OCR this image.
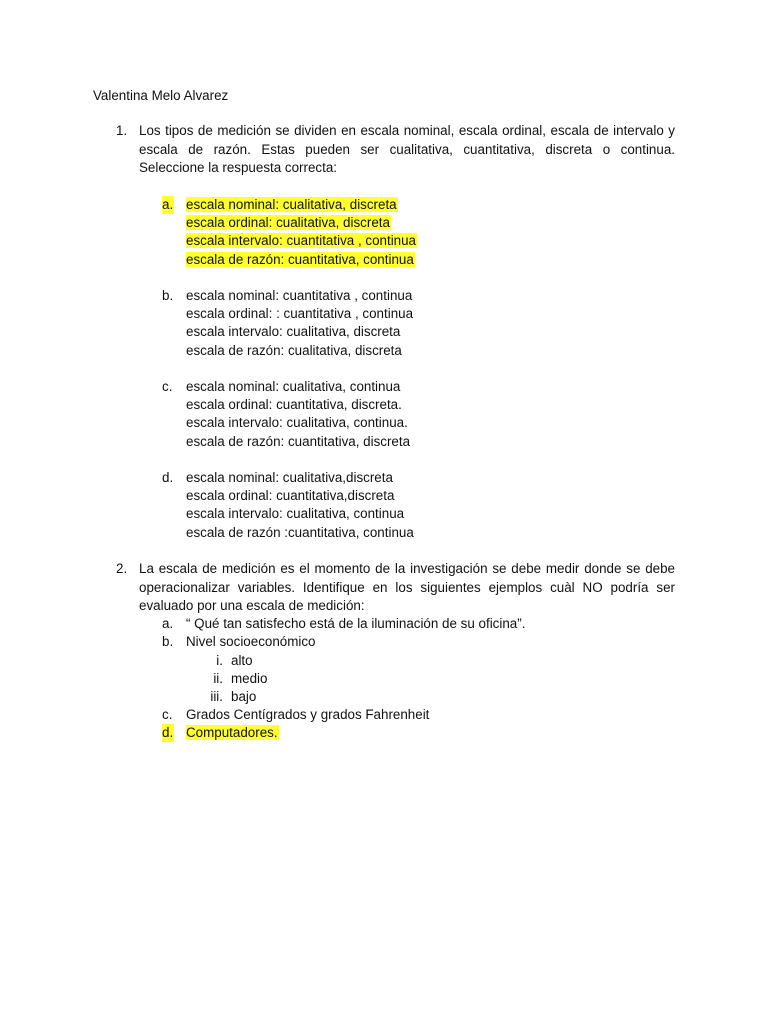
Valentina Melo Alvarez
1. Los tipos de medición se dividen en escala nominal, escala ordinal, escala de intervalo y escala de razón. Estas pueden ser cualitativa, cuantitativa, discreta o continua. Seleccione la respuesta correcta:
a. escala nominal: cualitativa, discreta
escala ordinal: cualitativa, discreta
escala intervalo: cuantitativa , continua
escala de razón: cuantitativa, continua
b. escala nominal: cuantitativa , continua
escala ordinal: : cuantitativa , continua
escala intervalo: cualitativa, discreta
escala de razón: cualitativa, discreta
c. escala nominal: cualitativa, continua
escala ordinal: cuantitativa, discreta.
escala intervalo: cualitativa, continua.
escala de razón: cuantitativa, discreta
d. escala nominal: cualitativa,discreta
escala ordinal: cuantitativa,discreta
escala intervalo: cualitativa, continua
escala de razón :cuantitativa, continua
2. La escala de medición es el momento de la investigación se debe medir donde se debe operacionalizar variables. Identifique en los siguientes ejemplos cuàl NO podría ser evaluado por una escala de medición:
a. “ Qué tan satisfecho está de la iluminación de su oficina”.
b. Nivel socioeconómico
i. alto
ii. medio
iii. bajo
c. Grados Centígrados y grados Fahrenheit
d. Computadores.
